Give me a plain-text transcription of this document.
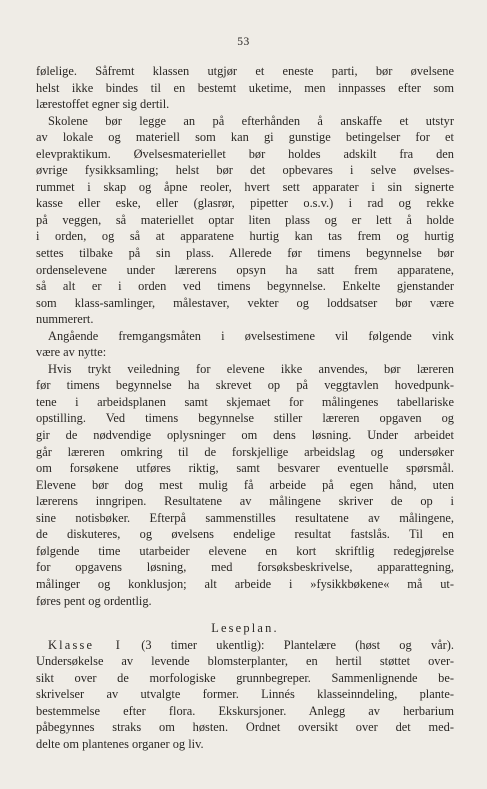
53
følelige. Såfremt klassen utgjør et eneste parti, bør øvelsene
helst ikke bindes til en bestemt uketime, men innpasses efter som
lærestoffet egner sig dertil.
Skolene bør legge an på efterhånden å anskaffe et utstyr
av lokale og materiell som kan gi gunstige betingelser for et
elevpraktikum. Øvelsesmateriellet bør holdes adskilt fra den
øvrige fysikksamling; helst bør det opbevares i selve øvelses-
rummet i skap og åpne reoler, hvert sett apparater i sin signerte
kasse eller eske, eller (glasrør, pipetter o.s.v.) i rad og rekke
på veggen, så materiellet optar liten plass og er lett å holde
i orden, og så at apparatene hurtig kan tas frem og hurtig
settes tilbake på sin plass. Allerede før timens begynnelse bør
ordenselevene under lærerens opsyn ha satt frem apparatene,
så alt er i orden ved timens begynnelse. Enkelte gjenstander
som klass-samlinger, målestaver, vekter og loddsatser bør være
nummerert.
Angående fremgangsmåten i øvelsestimene vil følgende vink
være av nytte:
Hvis trykt veiledning for elevene ikke anvendes, bør læreren
før timens begynnelse ha skrevet op på veggtavlen hovedpunk-
tene i arbeidsplanen samt skjemaet for målingenes tabellariske
opstilling. Ved timens begynnelse stiller læreren opgaven og
gir de nødvendige oplysninger om dens løsning. Under arbeidet
går læreren omkring til de forskjellige arbeidslag og undersøker
om forsøkene utføres riktig, samt besvarer eventuelle spørsmål.
Elevene bør dog mest mulig få arbeide på egen hånd, uten
lærerens inngripen. Resultatene av målingene skriver de op i
sine notisbøker. Efterpå sammenstilles resultatene av målingene,
de diskuteres, og øvelsens endelige resultat fastslås. Til en
følgende time utarbeider elevene en kort skriftlig redegjørelse
for opgavens løsning, med forsøksbeskrivelse, apparattegning,
målinger og konklusjon; alt arbeide i »fysikkbøkene« må ut-
føres pent og ordentlig.
Leseplan.
Klasse I (3 timer ukentlig): Plantelære (høst og vår).
Undersøkelse av levende blomsterplanter, en hertil støttet over-
sikt over de morfologiske grunnbegreper. Sammenlignende be-
skrivelser av utvalgte former. Linnés klasseinndeling, plante-
bestemmelse efter flora. Ekskursjoner. Anlegg av herbarium
påbegynnes straks om høsten. Ordnet oversikt over det med-
delte om plantenes organer og liv.
